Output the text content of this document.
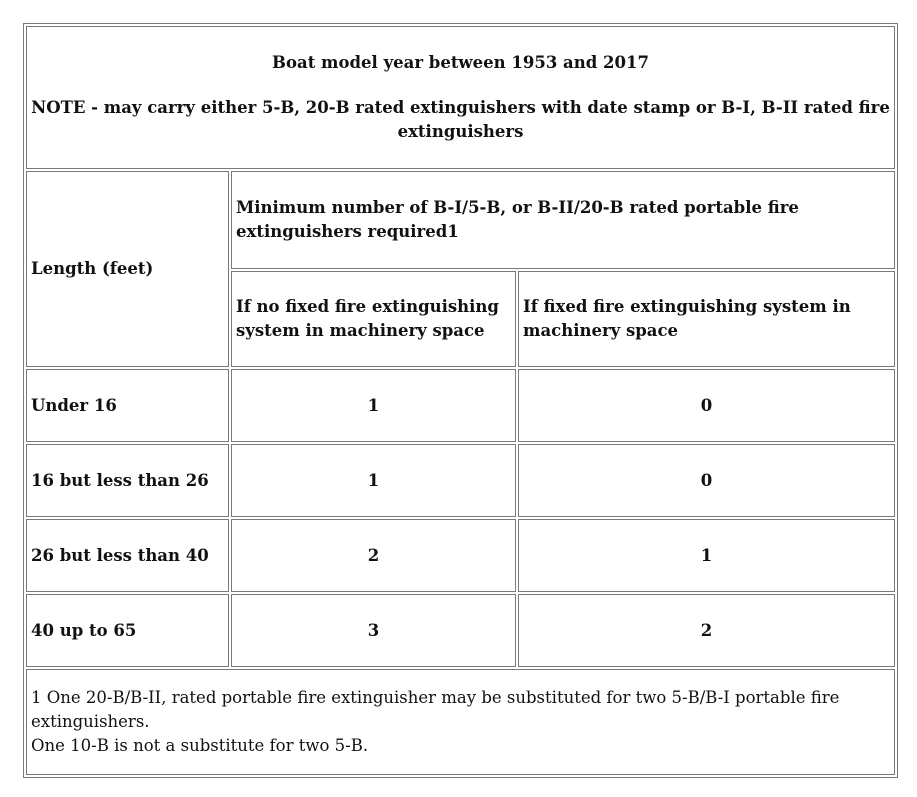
Boat model year between 1953 and 2017
NOTE - may carry either 5-B, 20-B rated extinguishers with date stamp or B-I, B-II rated fire extinguishers		
Length (feet)	Minimum number of B-I/5-B, or B-II/20-B rated portable fire extinguishers required1	
	If no fixed fire extinguishing system in machinery space	If fixed fire extinguishing system in machinery space
Under 16	1	0
16 but less than 26	1	0
26 but less than 40	2	1
40 up to 65	3	2

1 One 20-B/B-II, rated portable fire extinguisher may be substituted for two 5-B/B-I portable fire extinguishers.
One 10-B is not a substitute for two 5-B.		
